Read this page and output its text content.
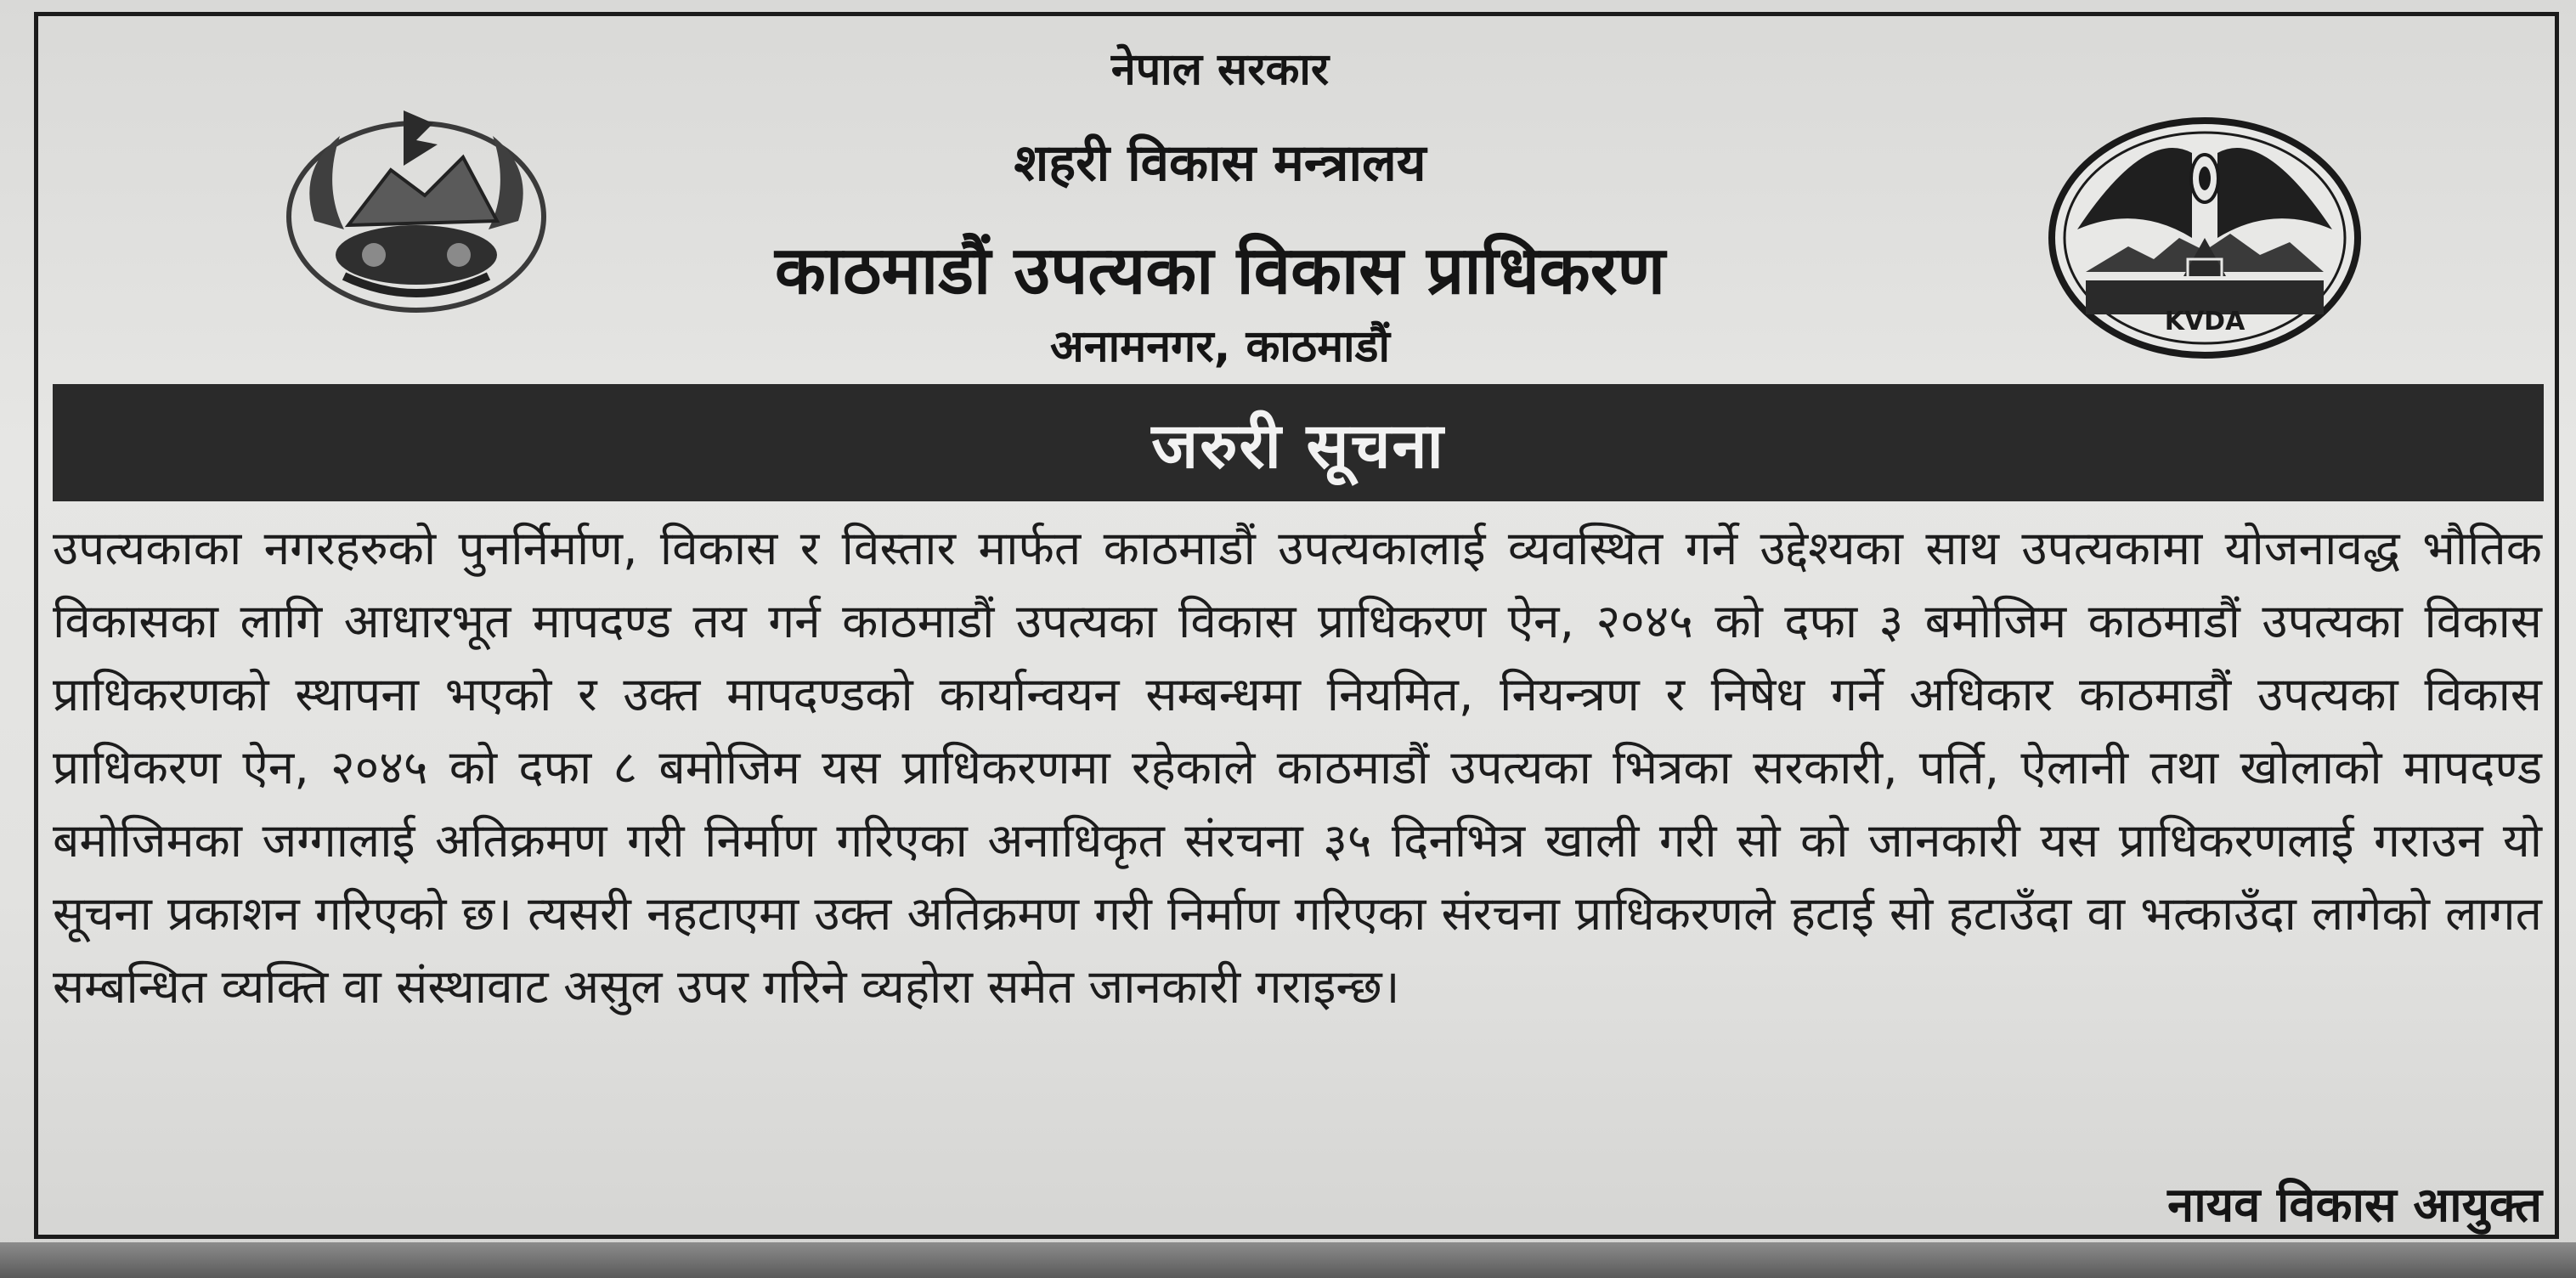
KVDA

नेपाल सरकार
शहरी विकास मन्त्रालय
काठमाडौं उपत्यका विकास प्राधिकरण
अनामनगर, काठमाडौं
जरुरी सूचना
उपत्यकाका नगरहरुको पुनर्निर्माण, विकास र विस्तार मार्फत काठमाडौं उपत्यकालाई व्यवस्थित गर्ने उद्देश्यका साथ उपत्यकामा योजनावद्ध भौतिक विकासका लागि आधारभूत मापदण्ड तय गर्न काठमाडौं उपत्यका विकास प्राधिकरण ऐन, २०४५ को दफा ३ बमोजिम काठमाडौं उपत्यका विकास प्राधिकरणको स्थापना भएको र उक्त मापदण्डको कार्यान्वयन सम्बन्धमा नियमित, नियन्त्रण र निषेध गर्ने अधिकार काठमाडौं उपत्यका विकास प्राधिकरण ऐन, २०४५ को दफा ८ बमोजिम यस प्राधिकरणमा रहेकाले काठमाडौं उपत्यका भित्रका सरकारी, पर्ति, ऐलानी तथा खोलाको मापदण्ड बमोजिमका जग्गालाई अतिक्रमण गरी निर्माण गरिएका अनाधिकृत संरचना ३५ दिनभित्र खाली गरी सो को जानकारी यस प्राधिकरणलाई गराउन यो सूचना प्रकाशन गरिएको छ। त्यसरी नहटाएमा उक्त अतिक्रमण गरी निर्माण गरिएका संरचना प्राधिकरणले हटाई सो हटाउँदा वा भत्काउँदा लागेको लागत सम्बन्धित व्यक्ति वा संस्थावाट असुल उपर गरिने व्यहोरा समेत जानकारी गराइन्छ।
नायव विकास आयुक्त
